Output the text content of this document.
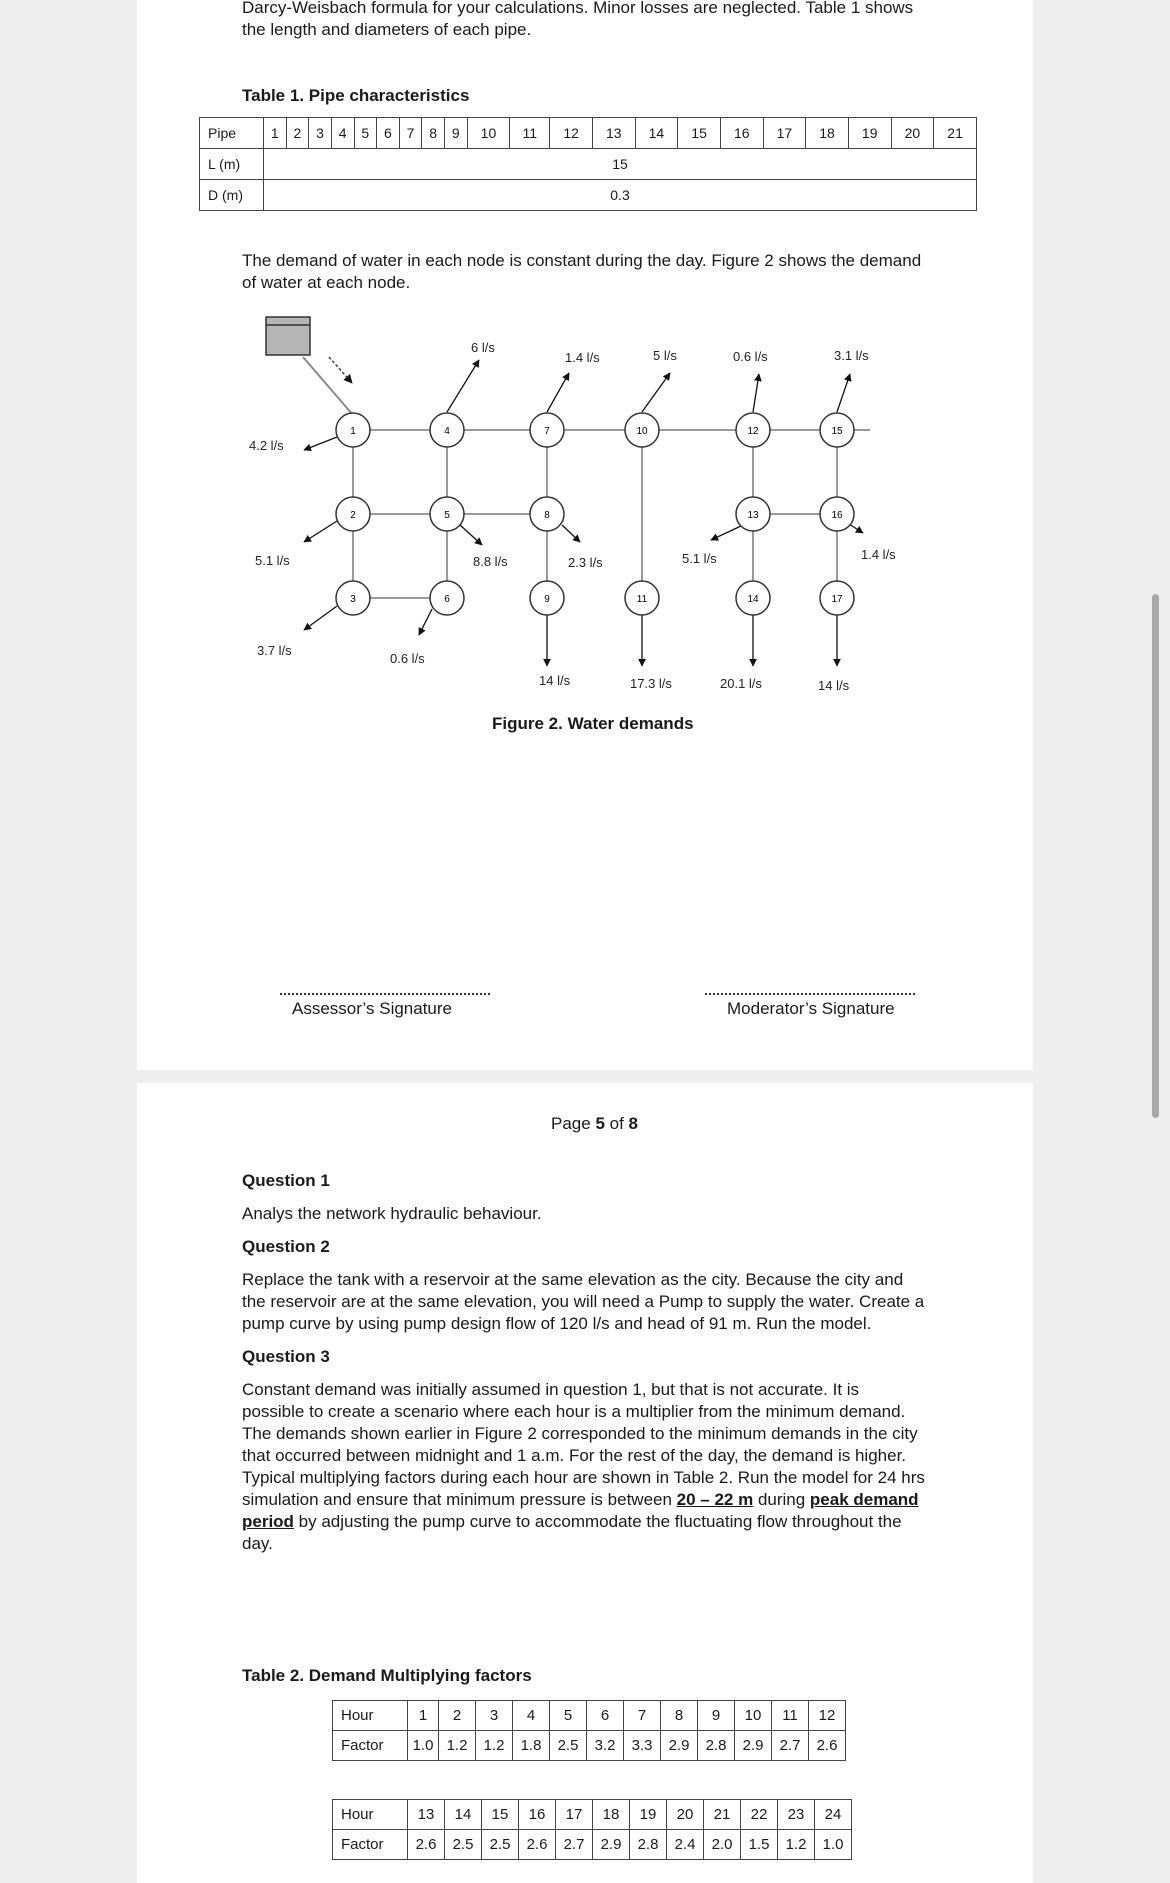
Darcy-Weisbach formula for your calculations. Minor losses are neglected. Table 1 shows

the length and diameters of each pipe.

Table 1. Pipe characteristics

Pipe	1	2	3	4	5	6	7	8	9	10	11	12	13	14	15	16	17	18	19	20	21
L (m)	15																				
D (m)	0.3																				

The demand of water in each node is constant during the day. Figure 2 shows the demand

of water at each node.

1
2
3
4
5
6
7
8
9
10
11
12
13
14
15
16
17
4.2 l/s
5.1 l/s
3.7 l/s
6 l/s
8.8 l/s
0.6 l/s
1.4 l/s
2.3 l/s
14 l/s
5 l/s
17.3 l/s
0.6 l/s
5.1 l/s
20.1 l/s
3.1 l/s
1.4 l/s
14 l/s

Figure 2. Water demands

Assessor’s Signature	Moderator’s Signature

Page 5 of 8

Question 1

Analys the network hydraulic behaviour.

Question 2

Replace the tank with a reservoir at the same elevation as the city. Because the city and

the reservoir are at the same elevation, you will need a Pump to supply the water. Create a

pump curve by using pump design flow of 120 l/s and head of 91 m. Run the model.

Question 3

Constant demand was initially assumed in question 1, but that is not accurate. It is

possible to create a scenario where each hour is a multiplier from the minimum demand.

The demands shown earlier in Figure 2 corresponded to the minimum demands in the city

that occurred between midnight and 1 a.m. For the rest of the day, the demand is higher.

Typical multiplying factors during each hour are shown in Table 2. Run the model for 24 hrs

simulation and ensure that minimum pressure is between 20 – 22 m during peak demand

period by adjusting the pump curve to accommodate the fluctuating flow throughout the

day.

Table 2. Demand Multiplying factors

Hour	1	2	3	4	5	6	7	8	9	10	11	12
Factor	1.0	1.2	1.2	1.8	2.5	3.2	3.3	2.9	2.8	2.9	2.7	2.6
Hour	13	14	15	16	17	18	19	20	21	22	23	24
Factor	2.6	2.5	2.5	2.6	2.7	2.9	2.8	2.4	2.0	1.5	1.2	1.0
